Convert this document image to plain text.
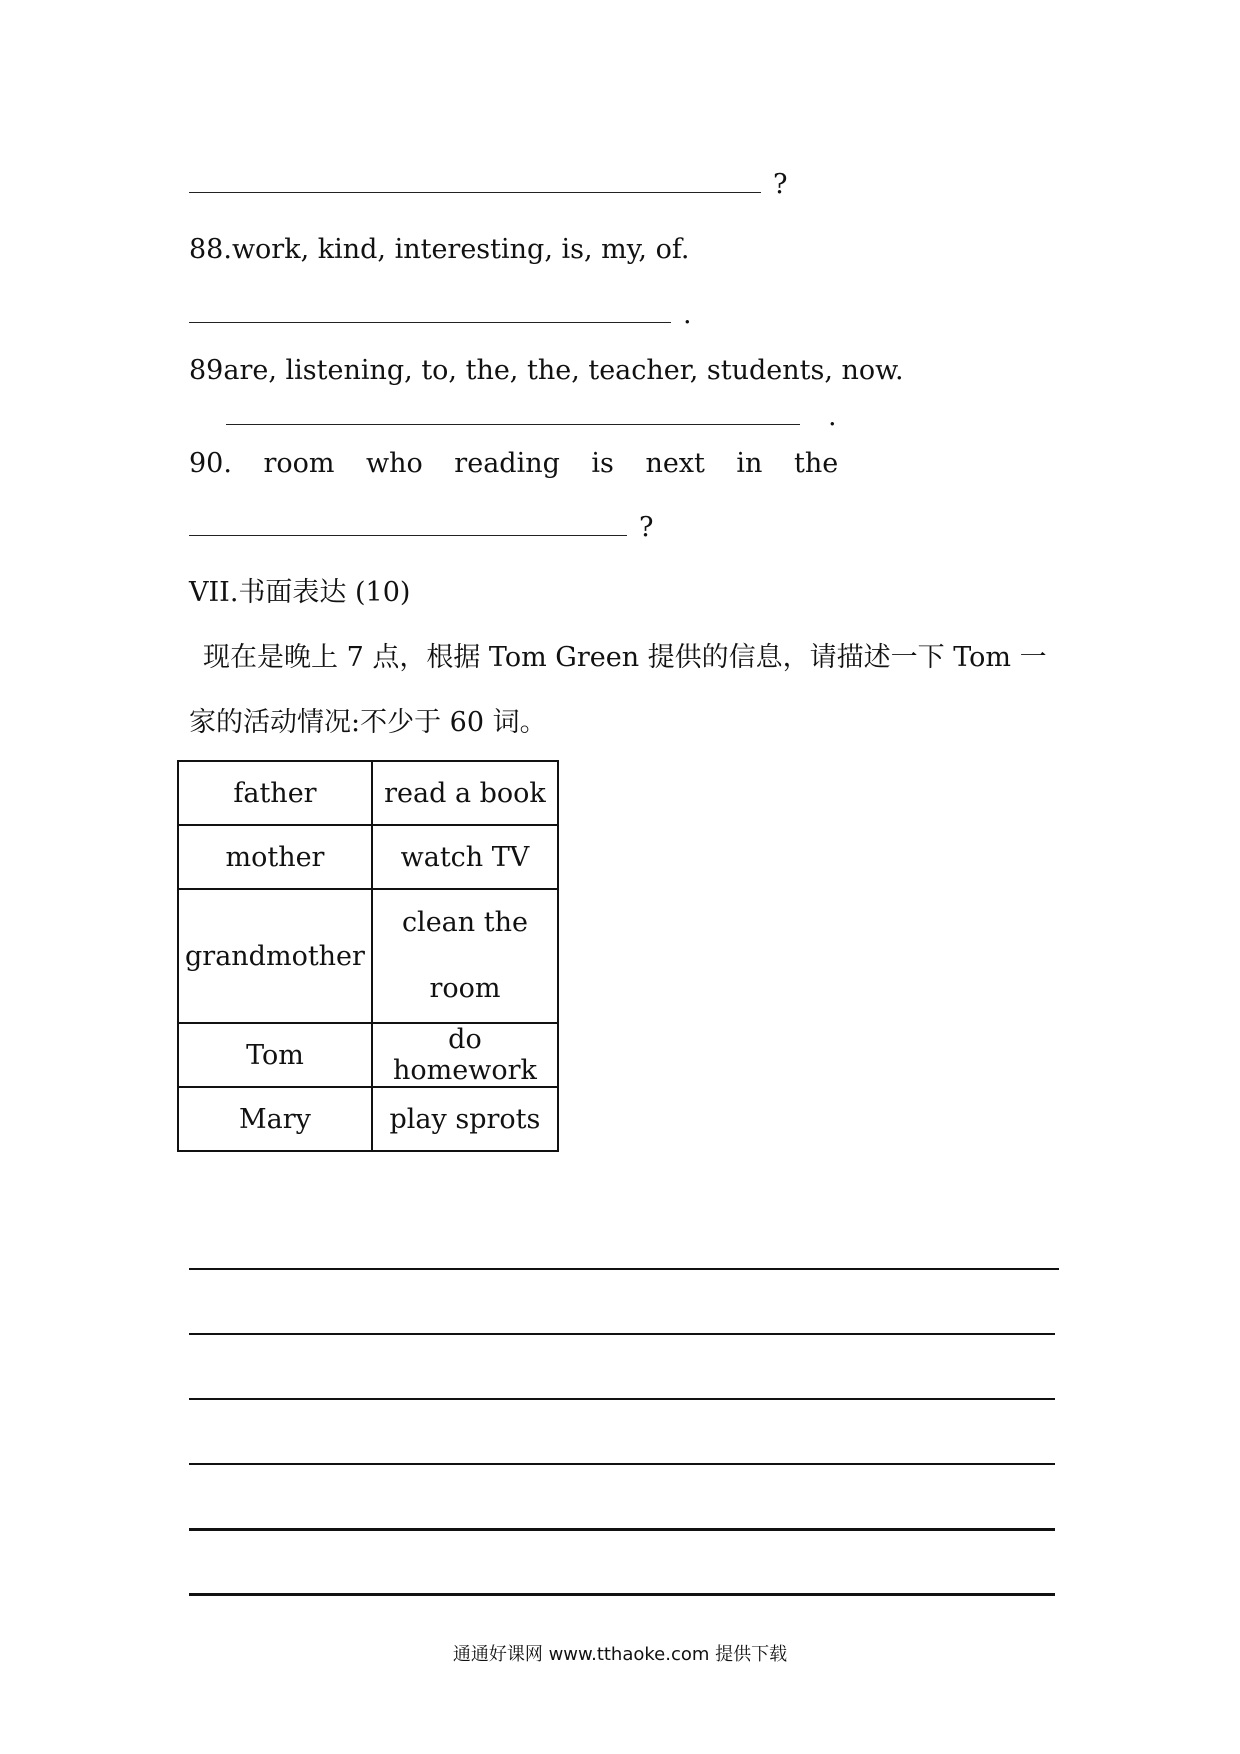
?
88.work, kind, interesting, is, my, of.
.
89are, listening, to, the, the, teacher, students, now.
.
90. room who reading is next in the
?
VII.书面表达 (10)
现在是晚上 7 点，根据 Tom Green 提供的信息，请描述一下 Tom 一
家的活动情况:不少于 60 词。
father	read a book
mother	watch TV
grandmother	clean the
room

Tom	do homework
Mary	play sprots
通通好课网 www.tthaoke.com 提供下载
